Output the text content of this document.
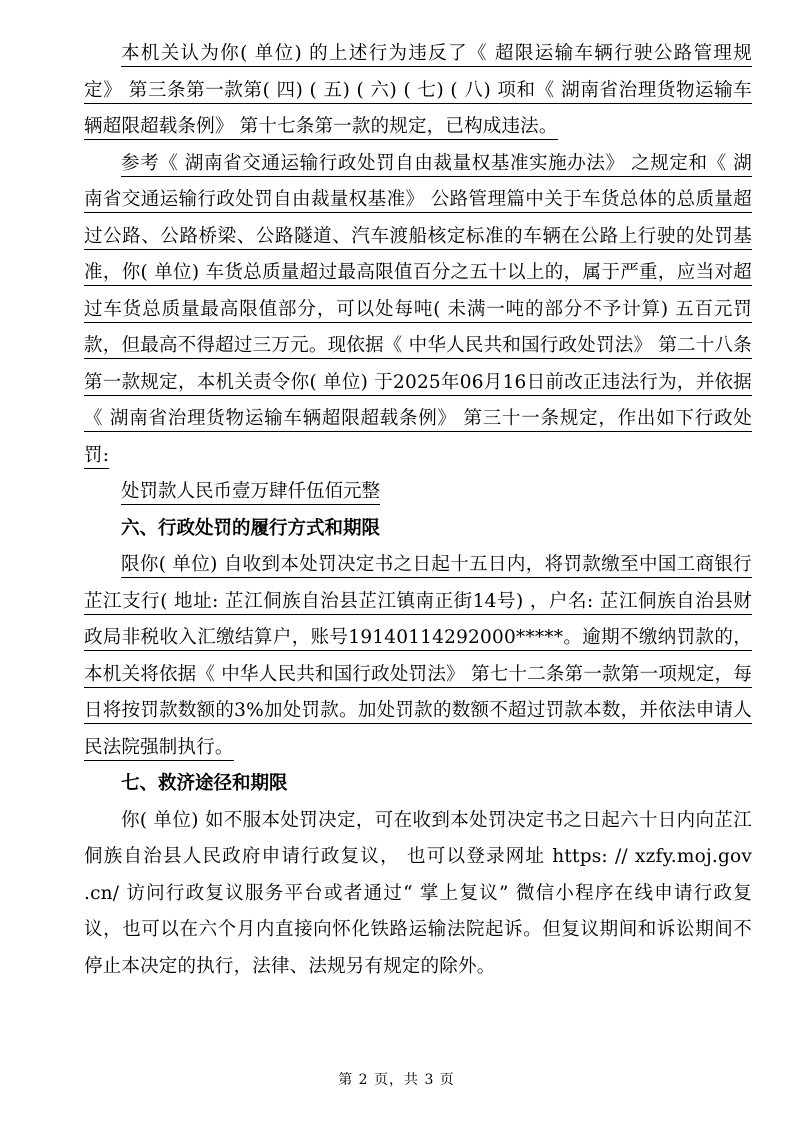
本机关认为你( 单位) 的上述行为违反了《 超限运输车辆行驶公路管理规定》 第三条第一款第( 四) ( 五) ( 六) ( 七) ( 八) 项和《 湖南省治理货物运输车辆超限超载条例》 第十七条第一款的规定，已构成违法。

参考《 湖南省交通运输行政处罚自由裁量权基准实施办法》 之规定和《 湖南省交通运输行政处罚自由裁量权基准》 公路管理篇中关于车货总体的总质量超过公路、公路桥梁、公路隧道、汽车渡船核定标准的车辆在公路上行驶的处罚基准，你( 单位) 车货总质量超过最高限值百分之五十以上的，属于严重，应当对超过车货总质量最高限值部分，可以处每吨( 未满一吨的部分不予计算) 五百元罚款，但最高不得超过三万元。现依据《 中华人民共和国行政处罚法》 第二十八条第一款规定，本机关责令你( 单位) 于2025年06月16日前改正违法行为，并依据《 湖南省治理货物运输车辆超限超载条例》 第三十一条规定，作出如下行政处罚:

处罚款人民币壹万肆仟伍佰元整

六、行政处罚的履行方式和期限

限你( 单位) 自收到本处罚决定书之日起十五日内，将罚款缴至中国工商银行芷江支行( 地址: 芷江侗族自治县芷江镇南正街14号) ，户名: 芷江侗族自治县财政局非税收入汇缴结算户，账号19140114292000*****。逾期不缴纳罚款的，本机关将依据《 中华人民共和国行政处罚法》 第七十二条第一款第一项规定，每日将按罚款数额的3%加处罚款。加处罚款的数额不超过罚款本数，并依法申请人民法院强制执行。

七、救济途径和期限

你( 单位) 如不服本处罚决定，可在收到本处罚决定书之日起六十日内向芷江侗族自治县人民政府申请行政复议， 也可以登录网址 https: // xzfy.moj.gov .cn/ 访问行政复议服务平台或者通过“ 掌上复议” 微信小程序在线申请行政复议，也可以在六个月内直接向怀化铁路运输法院起诉。但复议期间和诉讼期间不停止本决定的执行，法律、法规另有规定的除外。

第 2 页，共 3 页
